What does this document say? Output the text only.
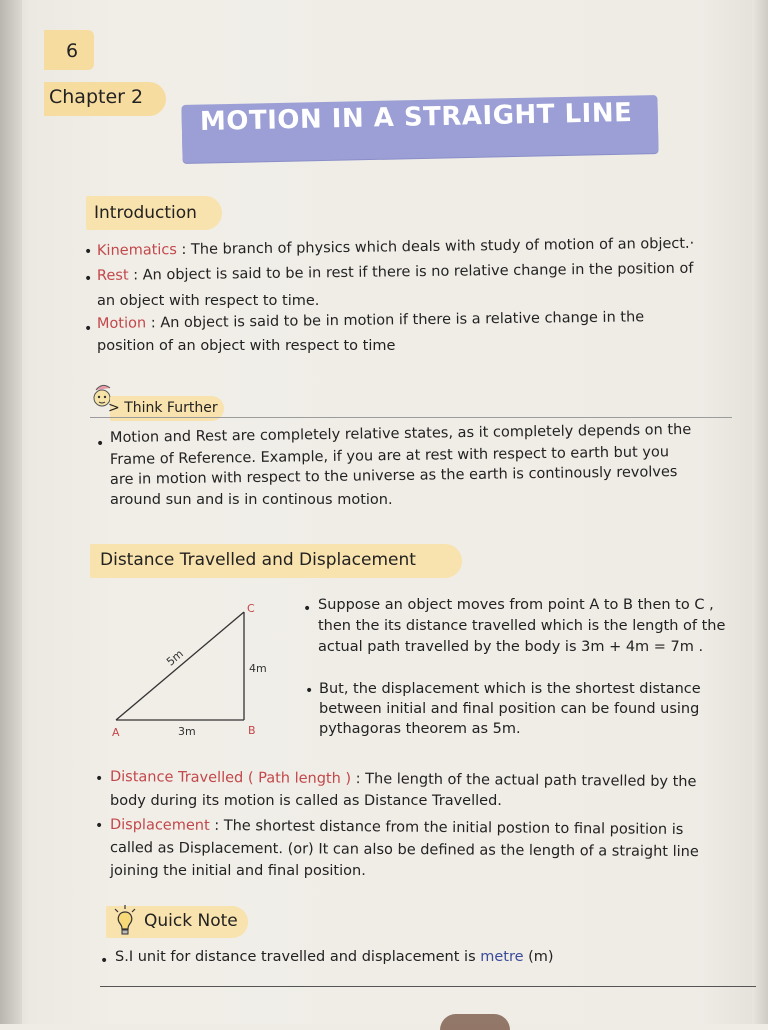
6
Chapter 2
MOTION IN A STRAIGHT LINE
Introduction
• Kinematics : The branch of physics which deals with study of motion of an object.·
• Rest : An object is said to be in rest if there is no relative change in the position of
an object with respect to time.
• Motion : An object is said to be in motion if there is a relative change in the
position of an object with respect to time
> Think Further
• Motion and Rest are completely relative states, as it completely depends on the
Frame of Reference. Example, if you are at rest with respect to earth but you
are in motion with respect to the universe as the earth is continously revolves
around sun and is in continous motion.
Distance Travelled and Displacement
A	B
C
5m	4m
3m
• Suppose an object moves from point A to B then to C ,
then the its distance travelled which is the length of the
actual path travelled by the body is 3m + 4m = 7m .
• But, the displacement which is the shortest distance
between initial and final position can be found using
pythagoras theorem as 5m.
• Distance Travelled ( Path length ) : The length of the actual path travelled by the
body during its motion is called as Distance Travelled.
• Displacement : The shortest distance from the initial postion to final position is
called as Displacement. (or) It can also be defined as the length of a straight line
joining the initial and final position.
Quick Note
• S.I unit for distance travelled and displacement is metre (m)
